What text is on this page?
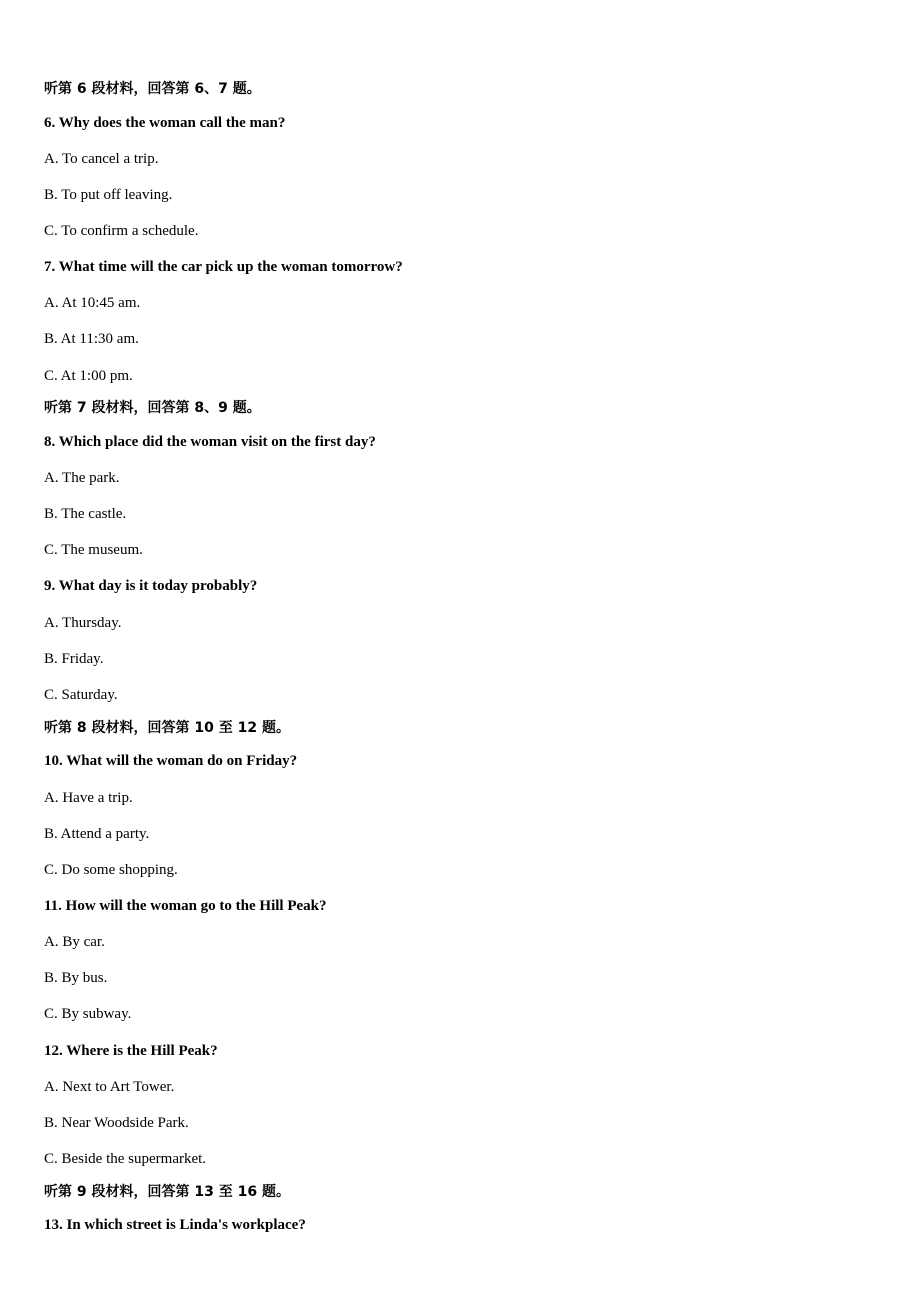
听第 6 段材料，回答第 6、7 题。
6. Why does the woman call the man?
A. To cancel a trip.
B. To put off leaving.
C. To confirm a schedule.
7. What time will the car pick up the woman tomorrow?
A. At 10:45 am.
B. At 11:30 am.
C. At 1:00 pm.
听第 7 段材料，回答第 8、9 题。
8. Which place did the woman visit on the first day?
A. The park.
B. The castle.
C. The museum.
9. What day is it today probably?
A. Thursday.
B. Friday.
C. Saturday.
听第 8 段材料，回答第 10 至 12 题。
10. What will the woman do on Friday?
A. Have a trip.
B. Attend a party.
C. Do some shopping.
11. How will the woman go to the Hill Peak?
A. By car.
B. By bus.
C. By subway.
12. Where is the Hill Peak?
A. Next to Art Tower.
B. Near Woodside Park.
C. Beside the supermarket.
听第 9 段材料，回答第 13 至 16 题。
13. In which street is Linda's workplace?
